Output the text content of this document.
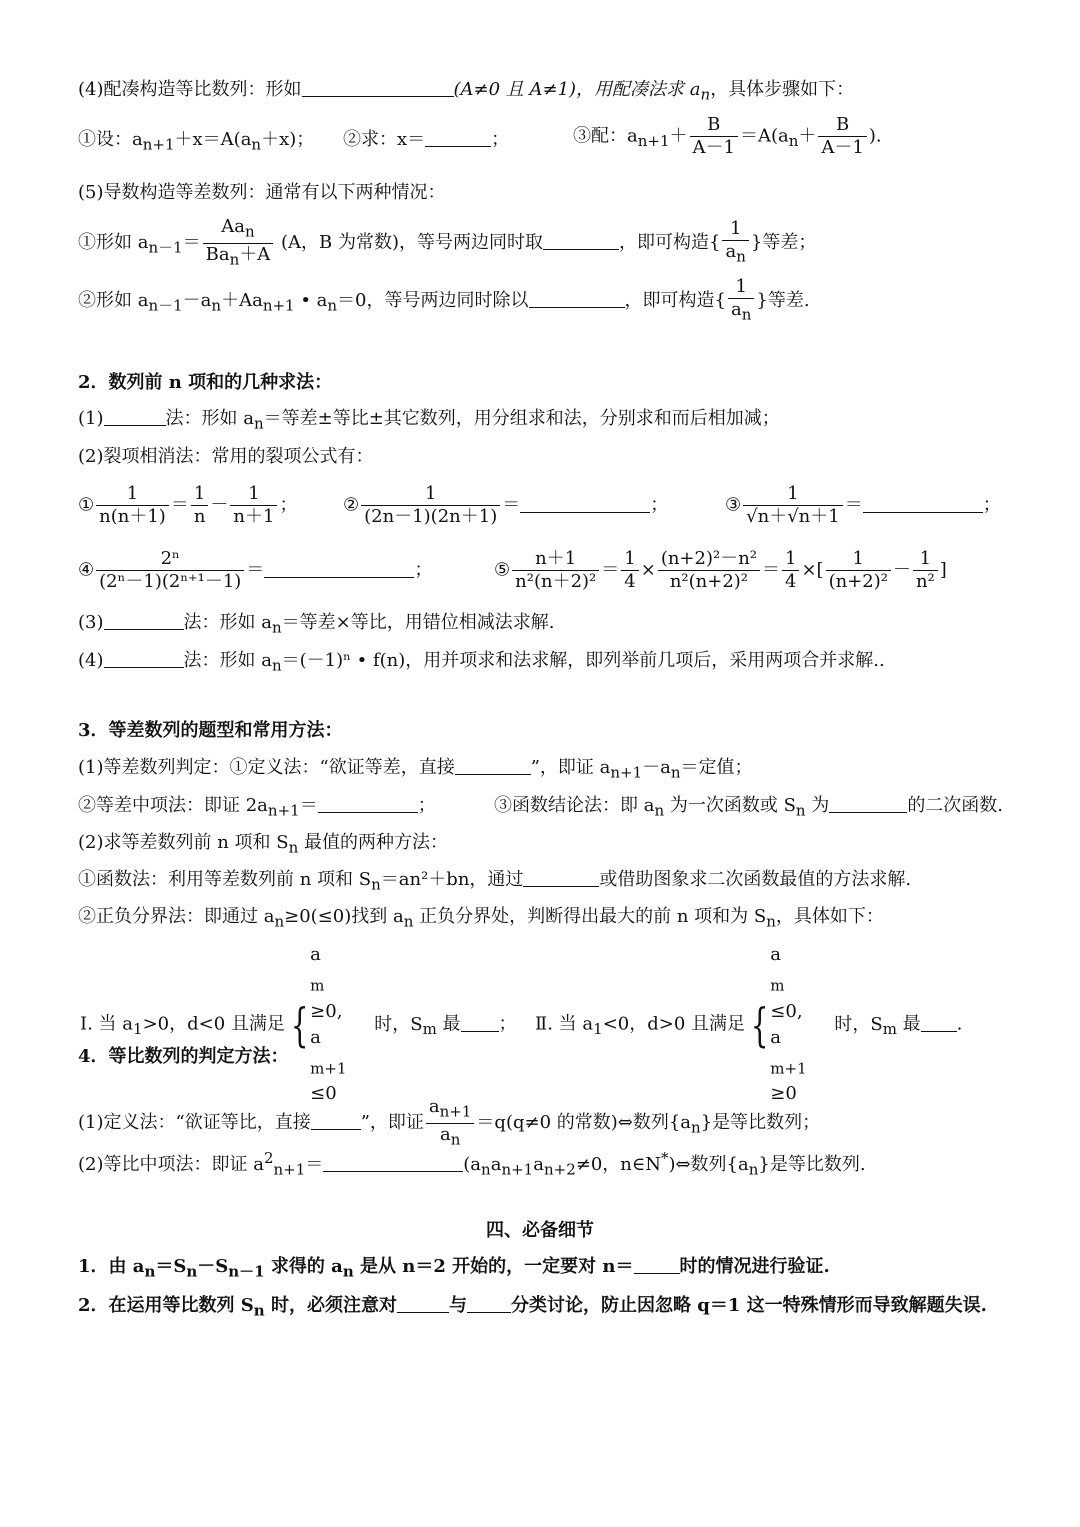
(4)配凑构造等比数列：形如	(A≠0 且 A≠1)，用配凑法求 $a_n$，具体步骤如下：
①设：$a_{n+1}+x=A(a_n+x)$； ②求：x＝	；	③配：$a_{n+1}+ \frac{B}{A-1} =A(a_n+ \frac{B}{A-1}$ ).
(5)导数构造等差数列：通常有以下两种情况：
①形如 $a_{n-1}=$
$Aa_n$
$Ba_n+A$
(A，B 为常数)，等号两边同时取	，即可构造{ $\frac{1}{a_n}$ }等差；
②形如 $a_{n-1}-a_n+Aa_{n+1}$ • $a_n=0$，等号两边同时除以	，即可构造{ $\frac{1}{a_n}$ }等差.
2．数列前 n 项和的几种求法：
(1)	法：形如 $a_n=$等差±等比±其它数列，用分组求和法，分别求和而后相加减；
(2)裂项相消法：常用的裂项公式有：
① $\frac{1}{n(n+1)} = \frac{1}{n} - \frac{1}{n+1}$ ；	② $\frac{1}{(2n-1)(2n+1)}$ ＝	；	③ $\frac{1}{√n+√n+1}$ ＝	；
④ $\frac{\text{2ⁿ}}{\text{(2ⁿ－1)(2ⁿ⁺¹－1)}}$ ＝	；	⑤ $\frac{n+1}{\text{n²(n＋2)²}} = \frac{1}{4} \times \frac{\text{(n+2)²－n²}}{\text{n²(n+2)²}} = \frac{1}{4}$ ×[ $\frac{1}{\text{(n+2)²}} - \frac{1}{\text{n²}}$ ]
(3)	法：形如 $a_n=$等差×等比，用错位相减法求解.
(4)	法：形如 $a_n=(-1)^n$ • f(n)，用并项求和法求解，即列举前几项后，采用两项合并求解..
3．等差数列的题型和常用方法：
(1)等差数列判定：①定义法：“欲证等差，直接	”，即证 $a_{n+1}-a_n=$定值；
②等差中项法：即证 $2a_{n+1}=$	；	③函数结论法：即 $a_n$ 为一次函数或 $S_n$ 为	的二次函数.
(2)求等差数列前 n 项和 $S_n$ 最值的两种方法：
①函数法：利用等差数列前 n 项和 $S_n=an^2+bn$，通过	或借助图象求二次函数最值的方法求解.
②正负分界法：即通过 $a_n\ge 0(\le 0)$找到 $a_n$ 正负分界处，判断得出最大的前 n 项和为 $S_n$，具体如下：
Ⅰ. 当 $a_1>0$，d<0 且满足 {
a
$_m$
≥0,
a
$_{m+1}$
≤0
时，$S_m$ 最 ； Ⅱ. 当 $a_1<0$，d>0 且满足 {
a
$_m$
≤0,
a
$_{m+1}$
≥0
时，$S_m$ 最 .
4．等比数列的判定方法：
(1)定义法：“欲证等比，直接	”，即证 $\frac{a_{n+1}}{a_n} =q(q\ne 0$ 的常数)⇔数列$\{a_n\}$是等比数列；
(2)等比中项法：即证 $a^2_{n+1}=$	($a_na_{n+1}a_{n+2}\ne 0$，n∈N*)⇔数列$\{a_n\}$是等比数列.
四、必备细节
1．由 $a_n=S_n-S_{n-1}$ 求得的 $a_n$ 是从 n＝2 开始的，一定要对 n＝	时的情况进行验证.
2．在运用等比数列 $S_n$ 时，必须注意对	与 分类讨论，防止因忽略 q＝1 这一特殊情形而导致解题失误.
